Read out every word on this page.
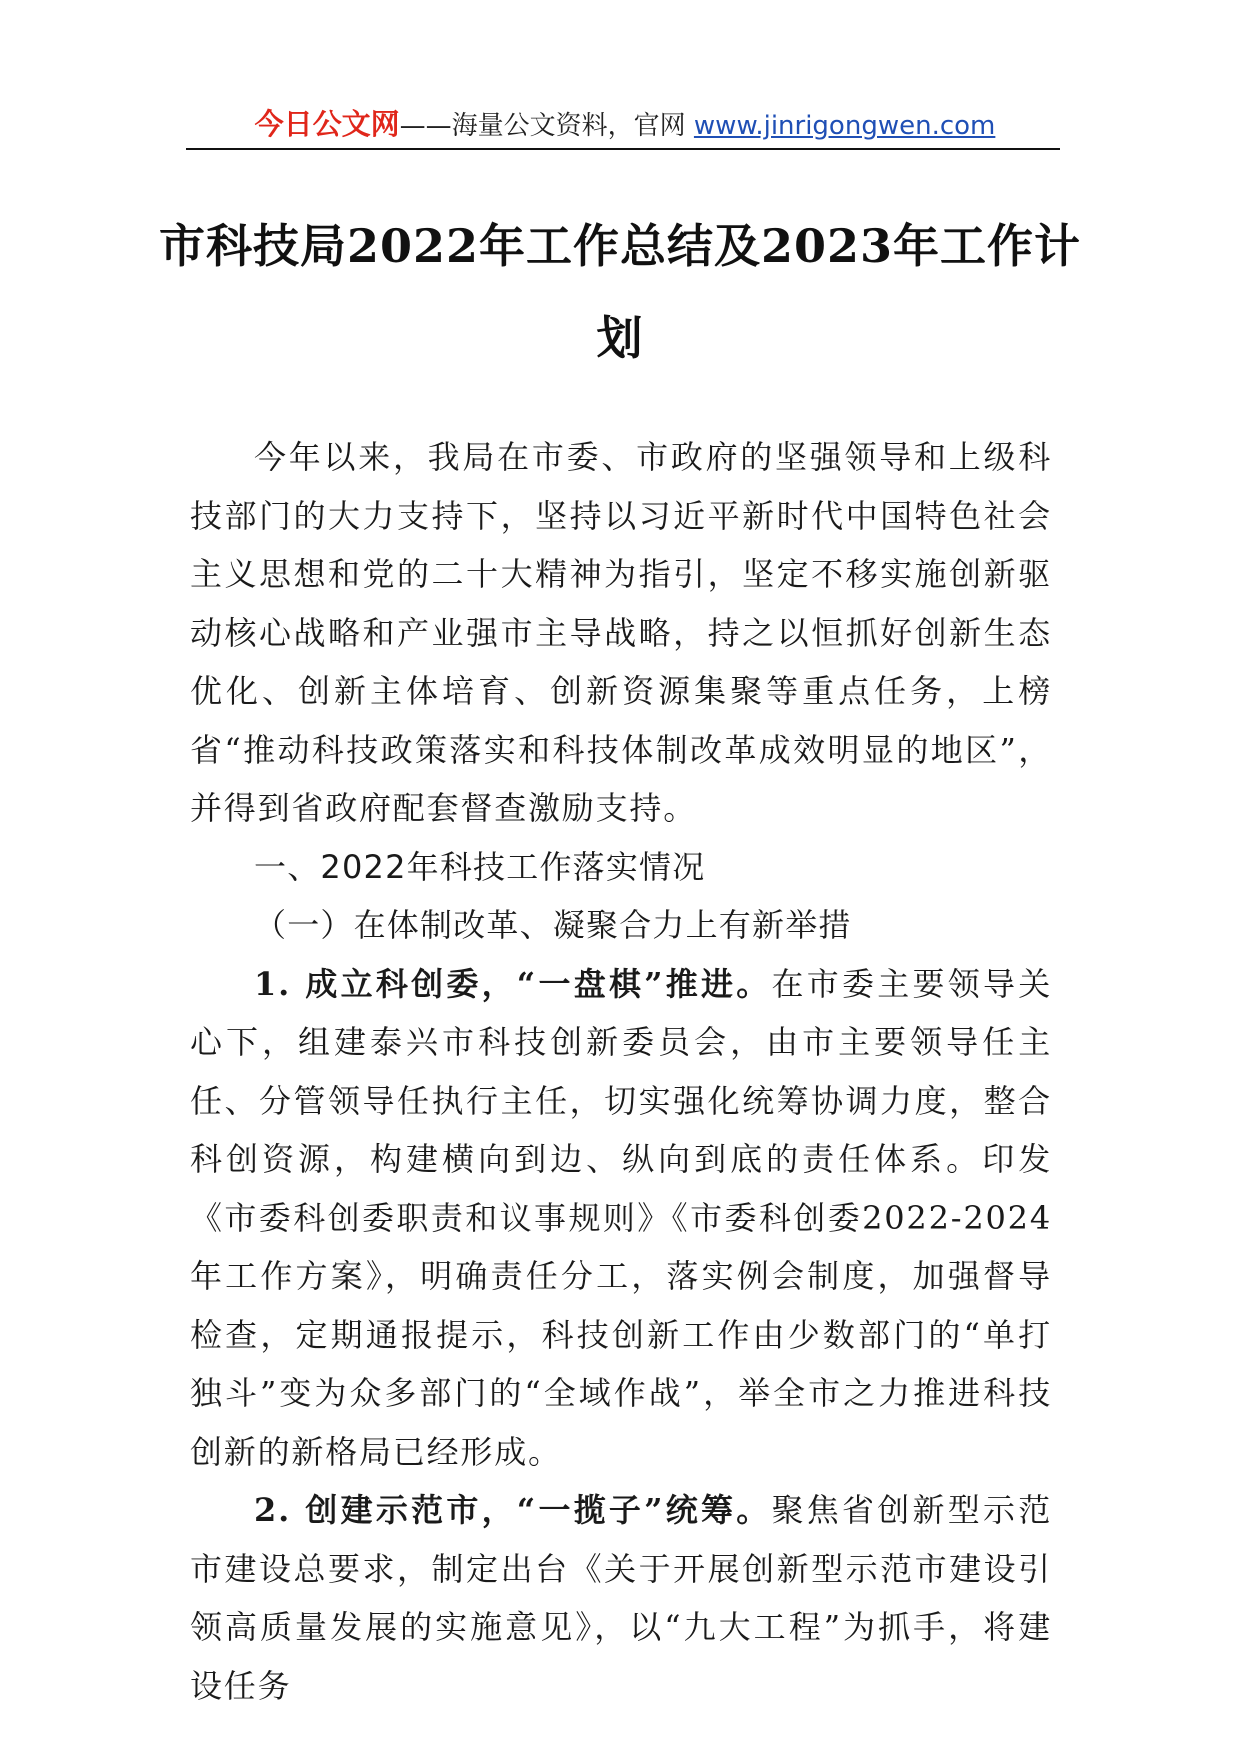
今日公文网——海量公文资料，官网 www.jinrigongwen.com
市科技局2022年工作总结及2023年工作计划

今年以来，我局在市委、市政府的坚强领导和上级科技部门的大力支持下，坚持以习近平新时代中国特色社会主义思想和党的二十大精神为指引，坚定不移实施创新驱动核心战略和产业强市主导战略，持之以恒抓好创新生态优化、创新主体培育、创新资源集聚等重点任务，上榜省“推动科技政策落实和科技体制改革成效明显的地区”，并得到省政府配套督查激励支持。

一、2022年科技工作落实情况

（一）在体制改革、凝聚合力上有新举措

1. 成立科创委，“一盘棋”推进。在市委主要领导关心下，组建泰兴市科技创新委员会，由市主要领导任主任、分管领导任执行主任，切实强化统筹协调力度，整合科创资源，构建横向到边、纵向到底的责任体系。印发《市委科创委职责和议事规则》《市委科创委2022-2024年工作方案》，明确责任分工，落实例会制度，加强督导检查，定期通报提示，科技创新工作由少数部门的“单打独斗”变为众多部门的“全域作战”，举全市之力推进科技创新的新格局已经形成。

2. 创建示范市，“一揽子”统筹。聚焦省创新型示范市建设总要求，制定出台《关于开展创新型示范市建设引领高质量发展的实施意见》，以“九大工程”为抓手，将建设任务
